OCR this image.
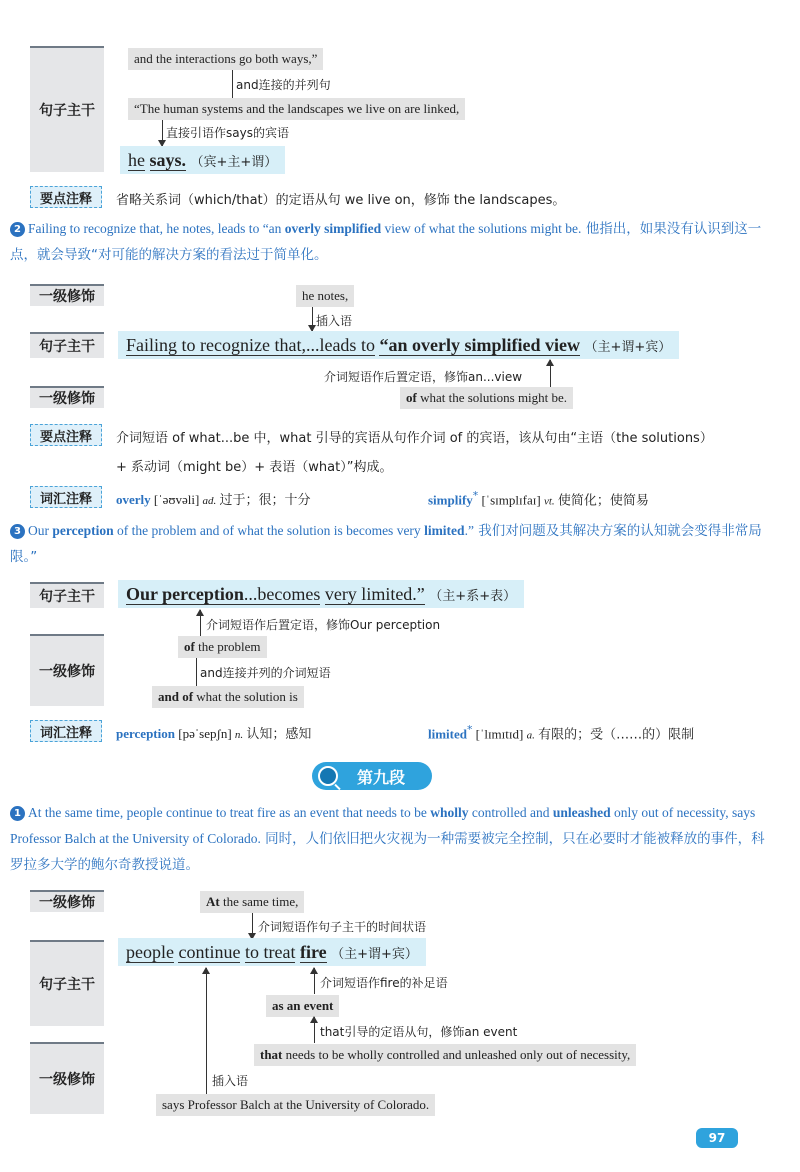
句子主干
and the interactions go both ways,”
and连接的并列句
“The human systems and the landscapes we live on are linked,
直接引语作says的宾语
he says. （宾+主+谓）
要点注释	省略关系词（which/that）的定语从句 we live on，修饰 the landscapes。
2 Failing to recognize that, he notes, leads to “an overly simplified view of what the solutions might be. 他指出，如果没有认识到这一点，就会导致“对可能的解决方案的看法过于简单化。
一级修饰	he notes,
插入语
句子主干	Failing to recognize that,...leads to “an overly simplified view （主+谓+宾）
介词短语作后置定语，修饰an...view
一级修饰	of what the solutions might be.
要点注释	介词短语 of what...be 中，what 引导的宾语从句作介词 of 的宾语，该从句由“主语（the solutions）
+ 系动词（might be）+ 表语（what）”构成。
词汇注释	overly [ˈəʊvəli] ad. 过于；很；十分	simplify* [ˈsɪmplɪfaɪ] vt. 使简化；使简易
3 Our perception of the problem and of what the solution is becomes very limited.” 我们对问题及其解决方案的认知就会变得非常局限。”
句子主干	Our perception...becomes very limited.” （主+系+表）
介词短语作后置定语，修饰Our perception
一级修饰
of the problem
and连接并列的介词短语
and of what the solution is
词汇注释	perception [pəˈsepʃn] n. 认知；感知	limited* [ˈlɪmɪtɪd] a. 有限的；受（……的）限制
第九段
1 At the same time, people continue to treat fire as an event that needs to be wholly controlled and unleashed only out of necessity, says Professor Balch at the University of Colorado. 同时，人们依旧把火灾视为一种需要被完全控制，只在必要时才能被释放的事件，科罗拉多大学的鲍尔奇教授说道。
一级修饰	At the same time,
介词短语作句子主干的时间状语
句子主干
people continue to treat fire （主+谓+宾）
介词短语作fire的补足语
as an event
that引导的定语从句，修饰an event
that needs to be wholly controlled and unleashed only out of necessity,
插入语
一级修饰
says Professor Balch at the University of Colorado.
97
